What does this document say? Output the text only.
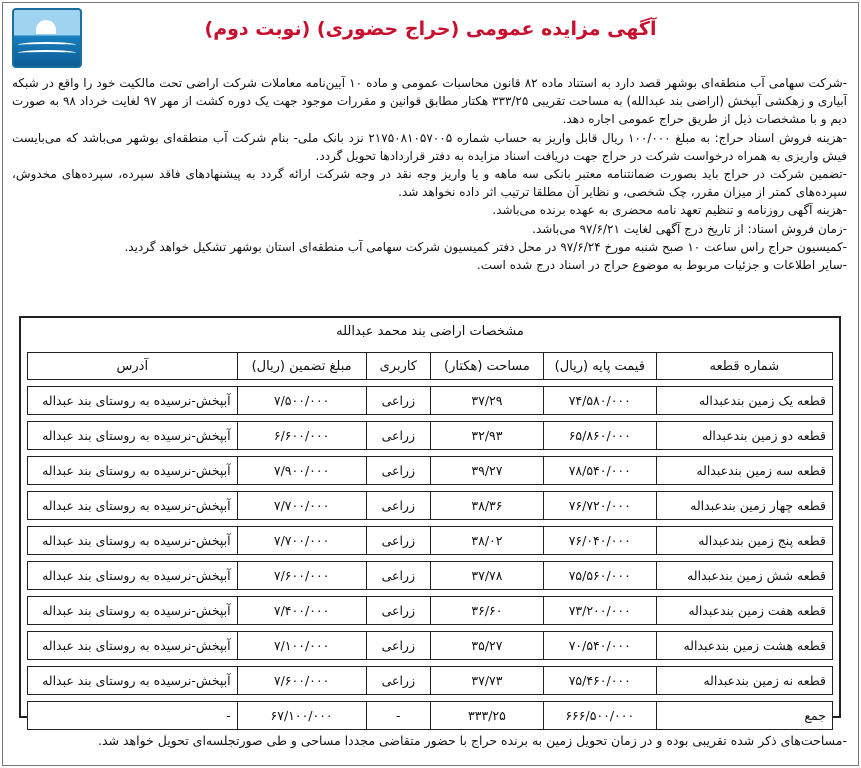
آگهی مزایده عمومی (حراج حضوری) (نوبت دوم)

-شرکت سهامی آب منطقه‌ای بوشهر قصد دارد به استناد ماده ۸۲ قانون محاسبات عمومی و ماده ۱۰ آیین‌نامه معاملات شرکت اراضی تحت مالکیت خود را واقع در شبکه آبیاری و زهکشی آبپخش (اراضی بند عبدالله) به مساحت تقریبی ۳۳۳/۲۵ هکتار مطابق قوانین و مقررات موجود جهت یک دوره کشت از مهر ۹۷ لغایت خرداد ۹۸ به صورت دیم و با مشخصات ذیل از طریق حراج عمومی اجاره دهد.

-هزینه فروش اسناد حراج: به مبلغ ۱۰۰/۰۰۰ ریال قابل واریز به حساب شماره ۲۱۷۵۰۸۱۰۵۷۰۰۵ نزد بانک ملی- بنام شرکت آب منطقه‌ای بوشهر می‌باشد که می‌بایست فیش واریزی به همراه درخواست شرکت در حراج جهت دریافت اسناد مزایده به دفتر قراردادها تحویل گردد.

-تضمین شرکت در حراج باید بصورت ضمانتنامه معتبر بانکی سه ماهه و یا واریز وجه نقد در وجه شرکت ارائه گردد به پیشنهادهای فاقد سپرده، سپرده‌های مخدوش، سپرده‌های کمتر از میزان مقرر، چک شخصی، و نظایر آن مطلقا ترتیب اثر داده نخواهد شد.

-هزینه آگهی روزنامه و تنظیم تعهد نامه محضری به عهده برنده می‌باشد.

-زمان فروش اسناد: از تاریخ درج آگهی لغایت ۹۷/۶/۲۱ می‌باشد.

-کمیسیون حراج راس ساعت ۱۰ صبح شنبه مورخ ۹۷/۶/۲۴ در محل دفتر کمیسیون شرکت سهامی آب منطقه‌ای استان بوشهر تشکیل خواهد گردید.

-سایر اطلاعات و جزئیات مربوط به موضوع حراج در اسناد درج شده است.

مشخصات اراضی بند محمد عبدالله
شماره قطعه	قیمت پایه (ریال)	مساحت (هکتار)	کاربری	مبلغ تضمین (ریال)	آدرس
قطعه یک زمین بندعبداله	۷۴/۵۸۰/۰۰۰	۳۷/۲۹	زراعی	۷/۵۰۰/۰۰۰	آبپخش-نرسیده به روستای بند عبداله
قطعه دو زمین بندعبداله	۶۵/۸۶۰/۰۰۰	۳۲/۹۳	زراعی	۶/۶۰۰/۰۰۰	آبپخش-نرسیده به روستای بند عبداله
قطعه سه زمین بندعبداله	۷۸/۵۴۰/۰۰۰	۳۹/۲۷	زراعی	۷/۹۰۰/۰۰۰	آبپخش-نرسیده به روستای بند عبداله
قطعه چهار زمین بندعبداله	۷۶/۷۲۰/۰۰۰	۳۸/۳۶	زراعی	۷/۷۰۰/۰۰۰	آبپخش-نرسیده به روستای بند عبداله
قطعه پنج زمین بندعبداله	۷۶/۰۴۰/۰۰۰	۳۸/۰۲	زراعی	۷/۷۰۰/۰۰۰	آبپخش-نرسیده به روستای بند عبداله
قطعه شش زمین بندعبداله	۷۵/۵۶۰/۰۰۰	۳۷/۷۸	زراعی	۷/۶۰۰/۰۰۰	آبپخش-نرسیده به روستای بند عبداله
قطعه هفت زمین بندعبداله	۷۳/۲۰۰/۰۰۰	۳۶/۶۰	زراعی	۷/۴۰۰/۰۰۰	آبپخش-نرسیده به روستای بند عبداله
قطعه هشت زمین بندعبداله	۷۰/۵۴۰/۰۰۰	۳۵/۲۷	زراعی	۷/۱۰۰/۰۰۰	آبپخش-نرسیده به روستای بند عبداله
قطعه نه زمین بندعبداله	۷۵/۴۶۰/۰۰۰	۳۷/۷۳	زراعی	۷/۶۰۰/۰۰۰	آبپخش-نرسیده به روستای بند عبداله
جمع	۶۶۶/۵۰۰/۰۰۰	۳۳۳/۲۵	-	۶۷/۱۰۰/۰۰۰	-
-مساحت‌های ذکر شده تقریبی بوده و در زمان تحویل زمین به برنده حراج با حضور متقاضی مجددا مساحی و طی صورتجلسه‌ای تحویل خواهد شد.
